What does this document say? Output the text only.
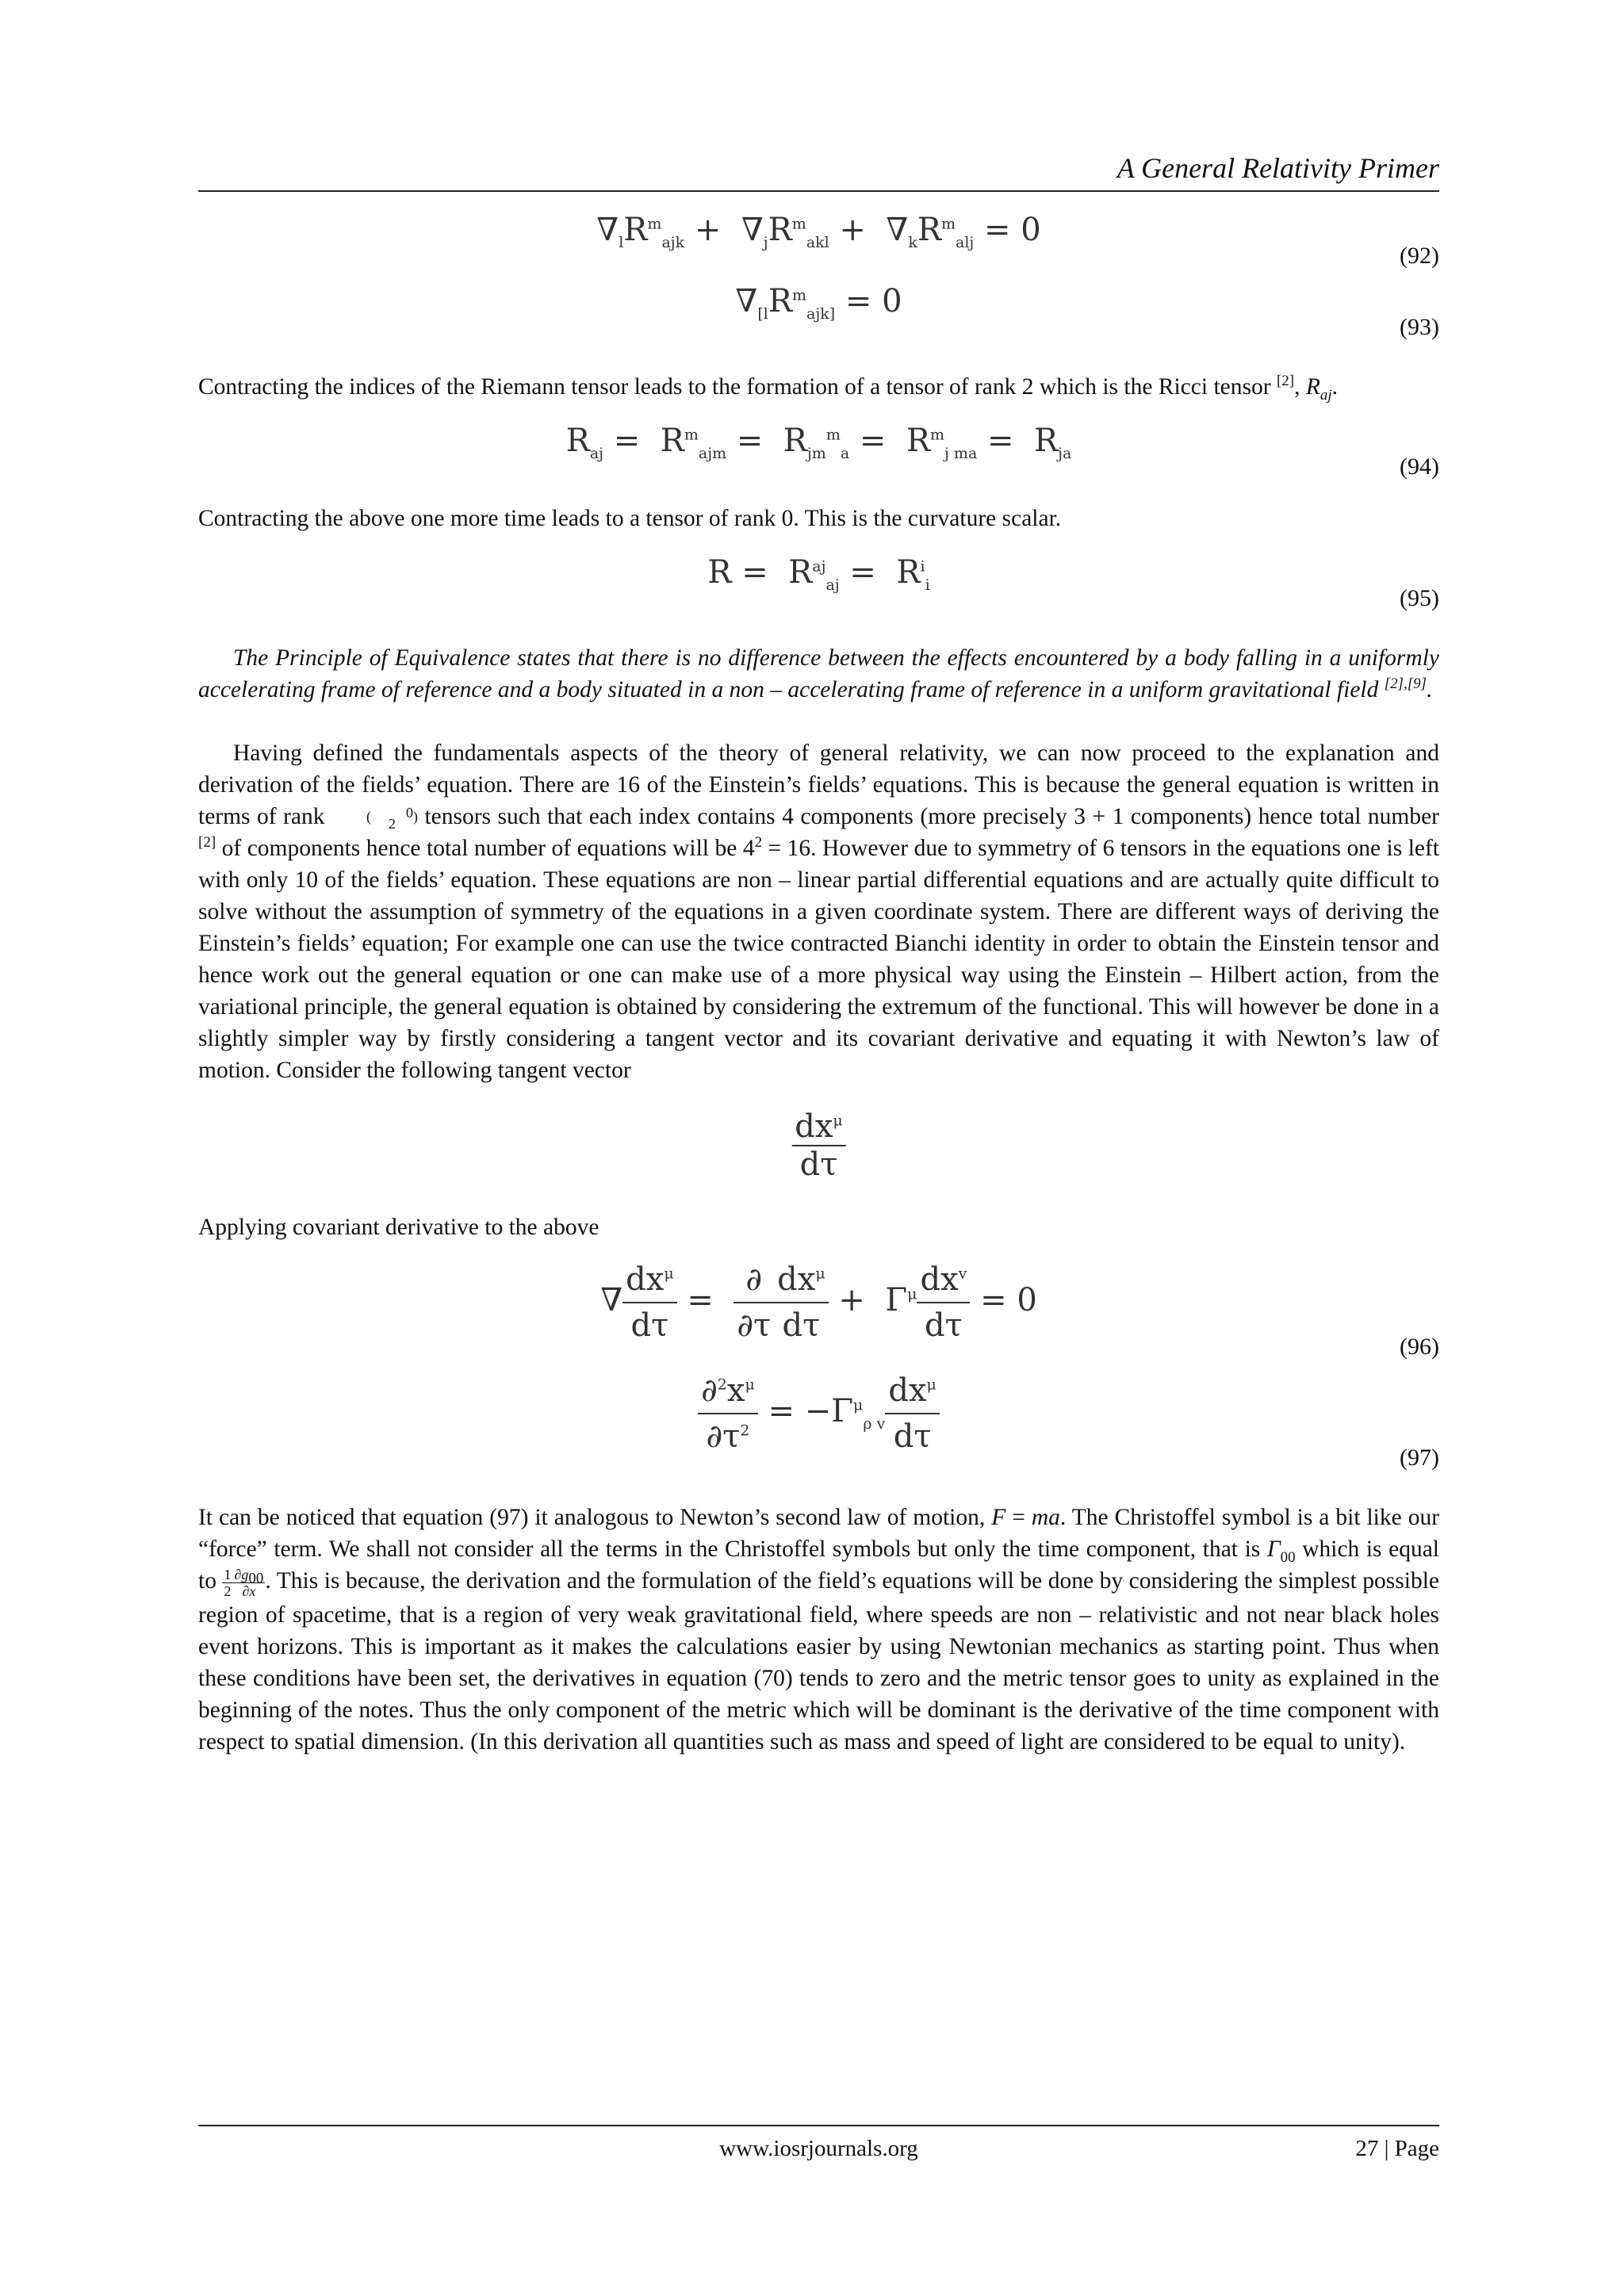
A General Relativity Primer
$\nabla_lR^m_{ajk} + \nabla_jR^m_{akl} + \nabla_kR^m_{alj} = 0$
(92)
$\nabla_{[l}R^m_{ajk]} = 0$
(93)

Contracting the indices of the Riemann tensor leads to the formation of a tensor of rank 2 which is the Ricci tensor [2], $R_{aj}$.

$R_{aj} = R^m_{ajm} = R_{jm}^m_a = R^m_{j ma} = R_{ja}$	(94)

Contracting the above one more time leads to a tensor of rank 0. This is the curvature scalar.

$R = R^{aj}_{aj} = R^i_i$	(95)

The Principle of Equivalence states that there is no difference between the effects encountered by a body falling in a uniformly accelerating frame of reference and a body situated in a non – accelerating frame of reference in a uniform gravitational field [2],[9].

Having defined the fundamentals aspects of the theory of general relativity, we can now proceed to the explanation and derivation of the fields’ equation. There are 16 of the Einstein’s fields’ equations. This is because the general equation is written in terms of rank ( 0
2 ) tensors such that each index contains 4 components (more precisely 3 + 1 components) hence total number [2] of components hence total number of equations will be $4^2 = 16$. However due to symmetry of 6 tensors in the equations one is left with only 10 of the fields’ equation. These equations are non – linear partial differential equations and are actually quite difficult to solve without the assumption of symmetry of the equations in a given coordinate system. There are different ways of deriving the Einstein’s fields’ equation; For example one can use the twice contracted Bianchi identity in order to obtain the Einstein tensor and hence work out the general equation or one can make use of a more physical way using the Einstein – Hilbert action, from the variational principle, the general equation is obtained by considering the extremum of the functional. This will however be done in a slightly simpler way by firstly considering a tangent vector and its covariant derivative and equating it with Newton’s law of motion. Consider the following tangent vector

$dx^\mu$
dτ

Applying covariant derivative to the above

∇ $\frac{dx^\mu}{d\tau} = \frac{\partial}{\partial\tau} \frac{dx^\mu}{d\tau} + \Gamma^\mu \frac{dx^v}{d\tau} = 0$
(96)
$\frac{\partial^2x^\mu}{\partial\tau^2} = -\Gamma^\mu_{\rho v} \frac{dx^\mu}{d\tau}$	(97)

It can be noticed that equation (97) it analogous to Newton’s second law of motion, F = ma. The Christoffel symbol is a bit like our “force” term. We shall not consider all the terms in the Christoffel symbols but only the time component, that is $\Gamma_{00}$ which is equal to $\frac{1}{2} \frac{\partial g_{00}}{\partial x}$ . This is because, the derivation and the formulation of the field’s equations will be done by considering the simplest possible region of spacetime, that is a region of very weak gravitational field, where speeds are non – relativistic and not near black holes event horizons. This is important as it makes the calculations easier by using Newtonian mechanics as starting point. Thus when these conditions have been set, the derivatives in equation (70) tends to zero and the metric tensor goes to unity as explained in the beginning of the notes. Thus the only component of the metric which will be dominant is the derivative of the time component with respect to spatial dimension. (In this derivation all quantities such as mass and speed of light are considered to be equal to unity).

www.iosrjournals.org	27 | Page
